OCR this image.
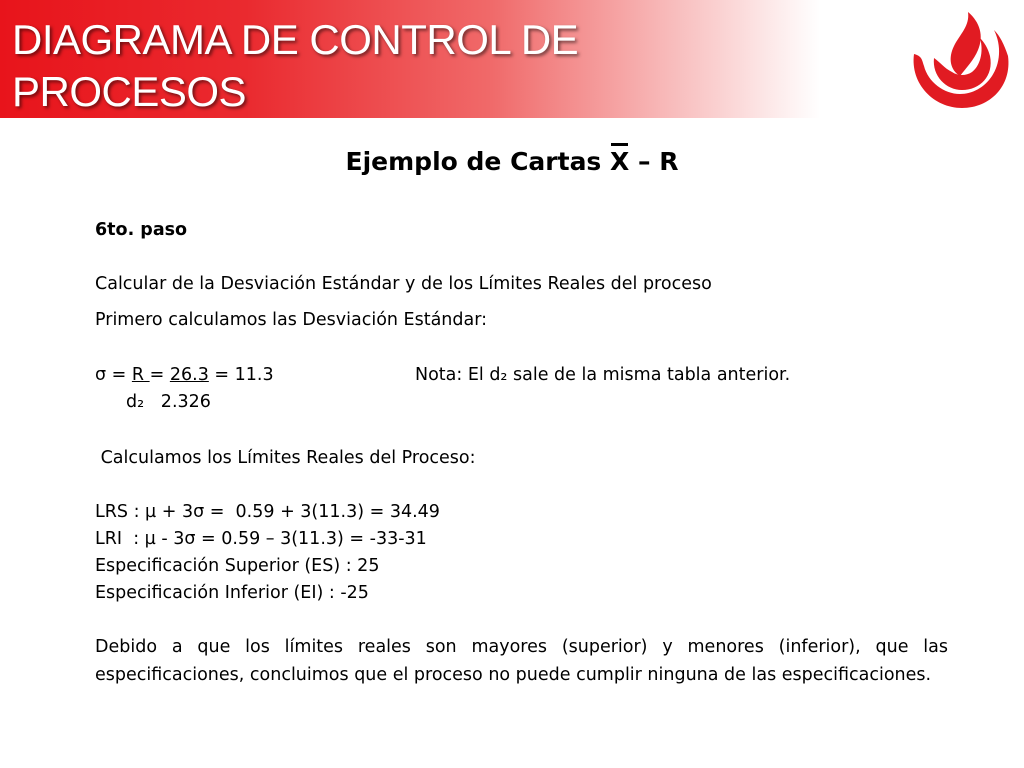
DIAGRAMA DE CONTROL DE
PROCESOS
Ejemplo de Cartas X – R
6to. paso
Calcular de la Desviación Estándar y de los Límites Reales del proceso
Primero calculamos las Desviación Estándar:
σ = R = 26.3 = 11.3	Nota: El d₂ sale de la misma tabla anterior.
d₂   2.326
Calculamos los Límites Reales del Proceso:
LRS : µ + 3σ =  0.59 + 3(11.3) = 34.49
LRI  : µ - 3σ = 0.59 – 3(11.3) = -33-31
Especificación Superior (ES) : 25
Especificación Inferior (EI) : -25
Debido a que los límites reales son mayores (superior) y menores (inferior), que las especificaciones, concluimos que el proceso no puede cumplir ninguna de las especificaciones.
